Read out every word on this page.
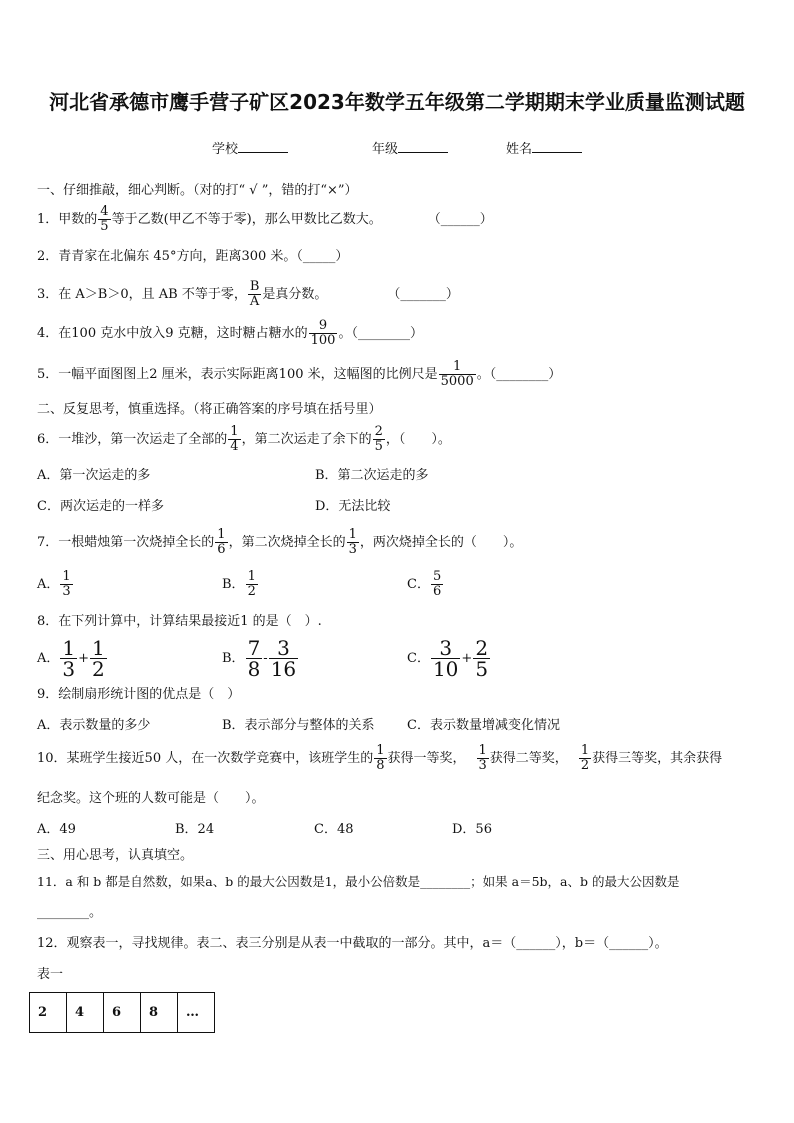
河北省承德市鹰手营子矿区2023年数学五年级第二学期期末学业质量监测试题
学校	年级	姓名
一、仔细推敲，细心判断。（对的打“ √ ”，错的打“×”）
1．甲数的 $\frac{4}{5}$ 等于乙数(甲乙不等于零)，那么甲数比乙数大。	（______）
2．青青家在北偏东 45°方向，距离300 米。（_____）
3．在 A＞B＞0，且 AB 不等于零， $\frac{B}{A}$ 是真分数。	（_______）
4．在100 克水中放入9 克糖，这时糖占糖水的 $\frac{9}{100}$ 。（________）
5．一幅平面图图上2 厘米，表示实际距离100 米，这幅图的比例尺是 $\frac{1}{5000}$ 。（________）
二、反复思考，慎重选择。（将正确答案的序号填在括号里）
6．一堆沙，第一次运走了全部的 $\frac{1}{4}$ ，第二次运走了余下的 $\frac{2}{5}$ ，（　　）。
A．第一次运走的多	B．第二次运走的多
C．两次运走的一样多	D．无法比较
7．一根蜡烛第一次烧掉全长的 $\frac{1}{6}$ ，第二次烧掉全长的 $\frac{1}{3}$ ，两次烧掉全长的（　　）。
A． $\frac{1}{3}$	B． $\frac{1}{2}$	C． $\frac{5}{6}$
8．在下列计算中，计算结果最接近1 的是（　）.
A． $\frac{1}{3} + \frac{1}{2}$	B． $\frac{7}{8} - \frac{3}{16}$	C． $\frac{3}{10} + \frac{2}{5}$
9．绘制扇形统计图的优点是（　）
A．表示数量的多少	B．表示部分与整体的关系 C．表示数量增减变化情况
10．某班学生接近50 人，在一次数学竞赛中，该班学生的 $\frac{1}{8}$ 获得一等奖， $\frac{1}{3}$ 获得二等奖， $\frac{1}{2}$ 获得三等奖，其余获得
纪念奖。这个班的人数可能是（　　）。
A．49	B．24	C．48	D．56
三、用心思考，认真填空。
11．a 和 b 都是自然数，如果a、b 的最大公因数是1，最小公倍数是________；如果 a＝5b，a、b 的最大公因数是
________。
12．观察表一，寻找规律。表二、表三分别是从表一中截取的一部分。其中，a＝（______），b＝（______）。
表一
2	4	6	8	…
